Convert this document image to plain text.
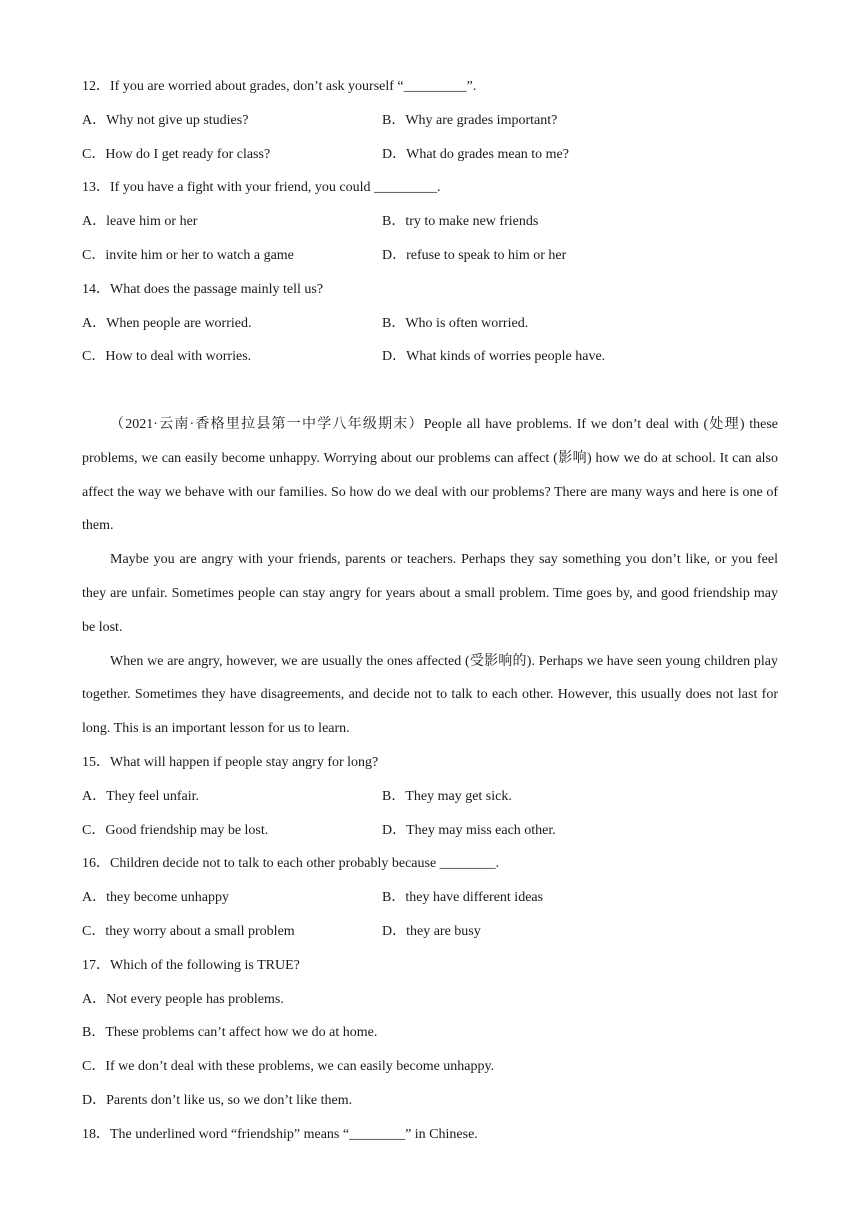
12．If you are worried about grades, don’t ask yourself “_________”.
A．Why not give up studies?	B．Why are grades important?
C．How do I get ready for class?	D．What do grades mean to me?
13．If you have a fight with your friend, you could _________.
A．leave him or her	B．try to make new friends
C．invite him or her to watch a game	D．refuse to speak to him or her
14．What does the passage mainly tell us?
A．When people are worried.	B．Who is often worried.
C．How to deal with worries.	D．What kinds of worries people have.

（2021·云南·香格里拉县第一中学八年级期末）People all have problems. If we don’t deal with (处理) these problems, we can easily become unhappy. Worrying about our problems can affect (影响) how we do at school. It can also affect the way we behave with our families. So how do we deal with our problems? There are many ways and here is one of them.

Maybe you are angry with your friends, parents or teachers. Perhaps they say something you don’t like, or you feel they are unfair. Sometimes people can stay angry for years about a small problem. Time goes by, and good friendship may be lost.

When we are angry, however, we are usually the ones affected (受影响的). Perhaps we have seen young children play together. Sometimes they have disagreements, and decide not to talk to each other. However, this usually does not last for long. This is an important lesson for us to learn.

15．What will happen if people stay angry for long?
A．They feel unfair.	B．They may get sick.
C．Good friendship may be lost.	D．They may miss each other.
16．Children decide not to talk to each other probably because ________.
A．they become unhappy	B．they have different ideas
C．they worry about a small problem	D．they are busy
17．Which of the following is TRUE?
A．Not every people has problems.
B．These problems can’t affect how we do at home.
C．If we don’t deal with these problems, we can easily become unhappy.
D．Parents don’t like us, so we don’t like them.
18．The underlined word “friendship” means “________” in Chinese.
